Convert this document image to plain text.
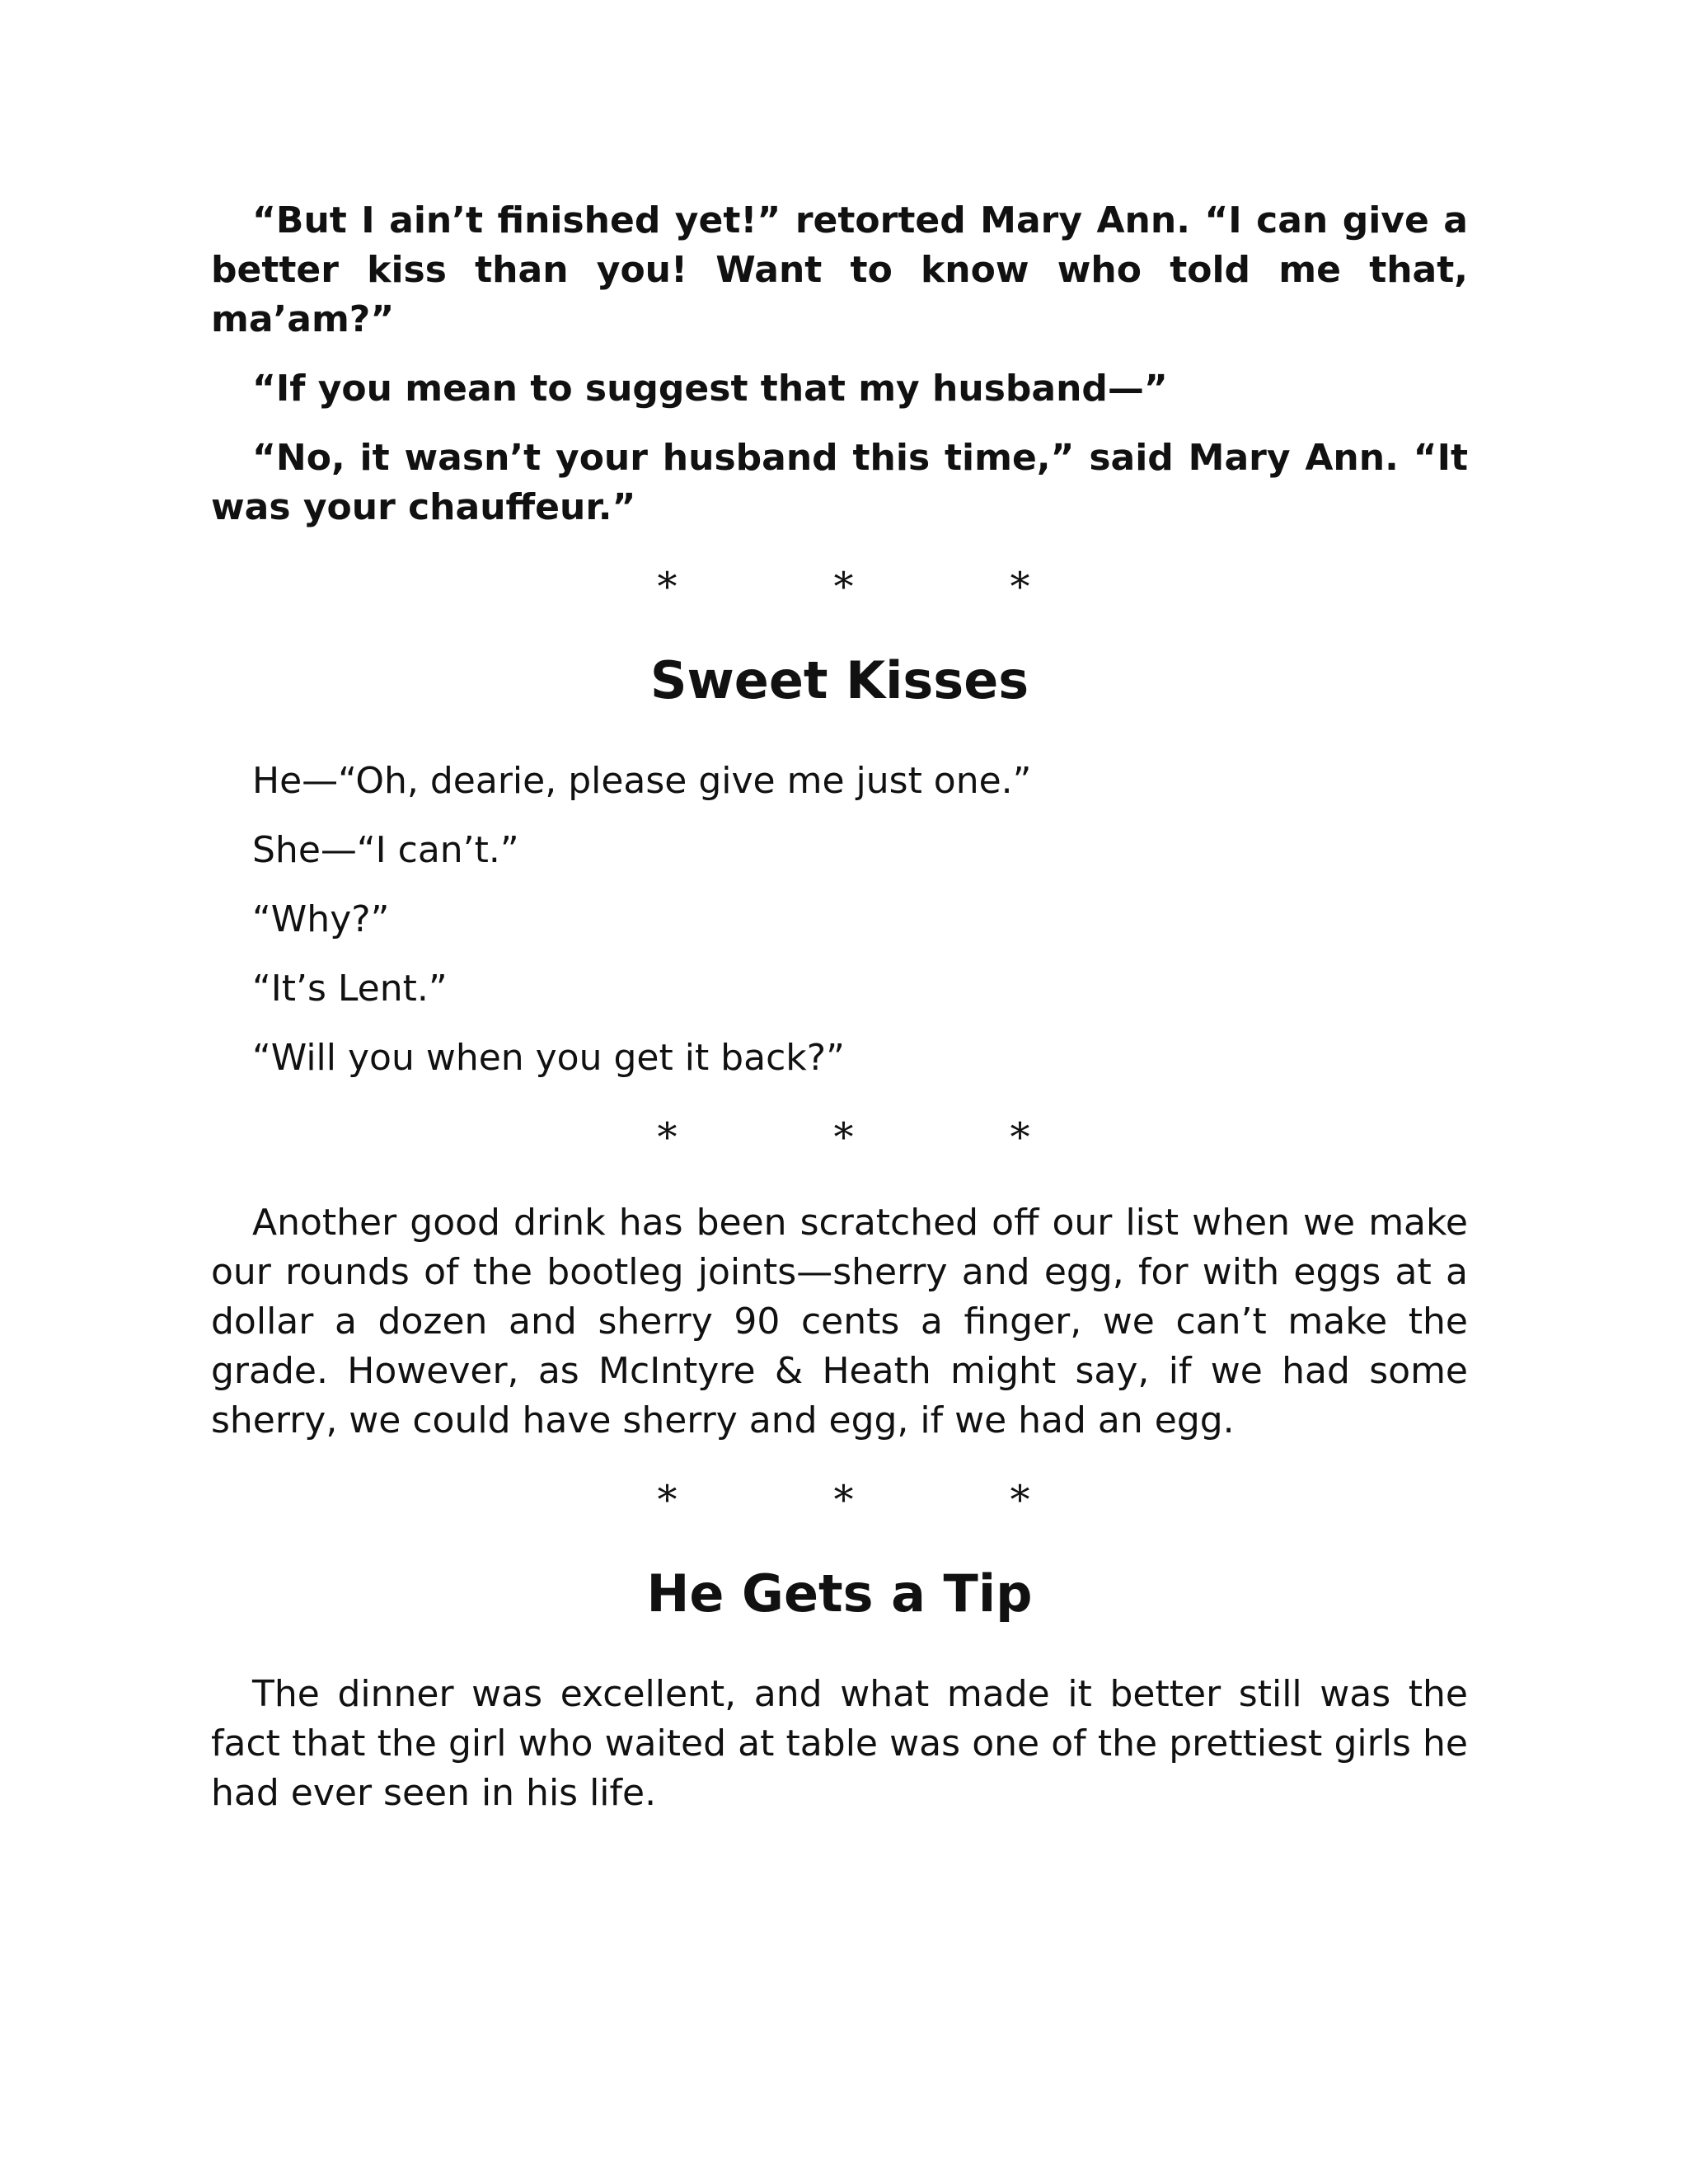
“But I ain’t finished yet!” retorted Mary Ann. “I can give a better kiss than you! Want to know who told me that, ma’am?”

“If you mean to suggest that my husband—”

“No, it wasn’t your husband this time,” said Mary Ann. “It was your chauffeur.”

*	*	*
Sweet Kisses

He—“Oh, dearie, please give me just one.”

She—“I can’t.”

“Why?”

“It’s Lent.”

“Will you when you get it back?”

*	*	*

Another good drink has been scratched off our list when we make our rounds of the bootleg joints—sherry and egg, for with eggs at a dollar a dozen and sherry 90 cents a finger, we can’t make the grade. However, as McIntyre & Heath might say, if we had some sherry, we could have sherry and egg, if we had an egg.

*	*	*
He Gets a Tip

The dinner was excellent, and what made it better still was the fact that the girl who waited at table was one of the prettiest girls he had ever seen in his life.
